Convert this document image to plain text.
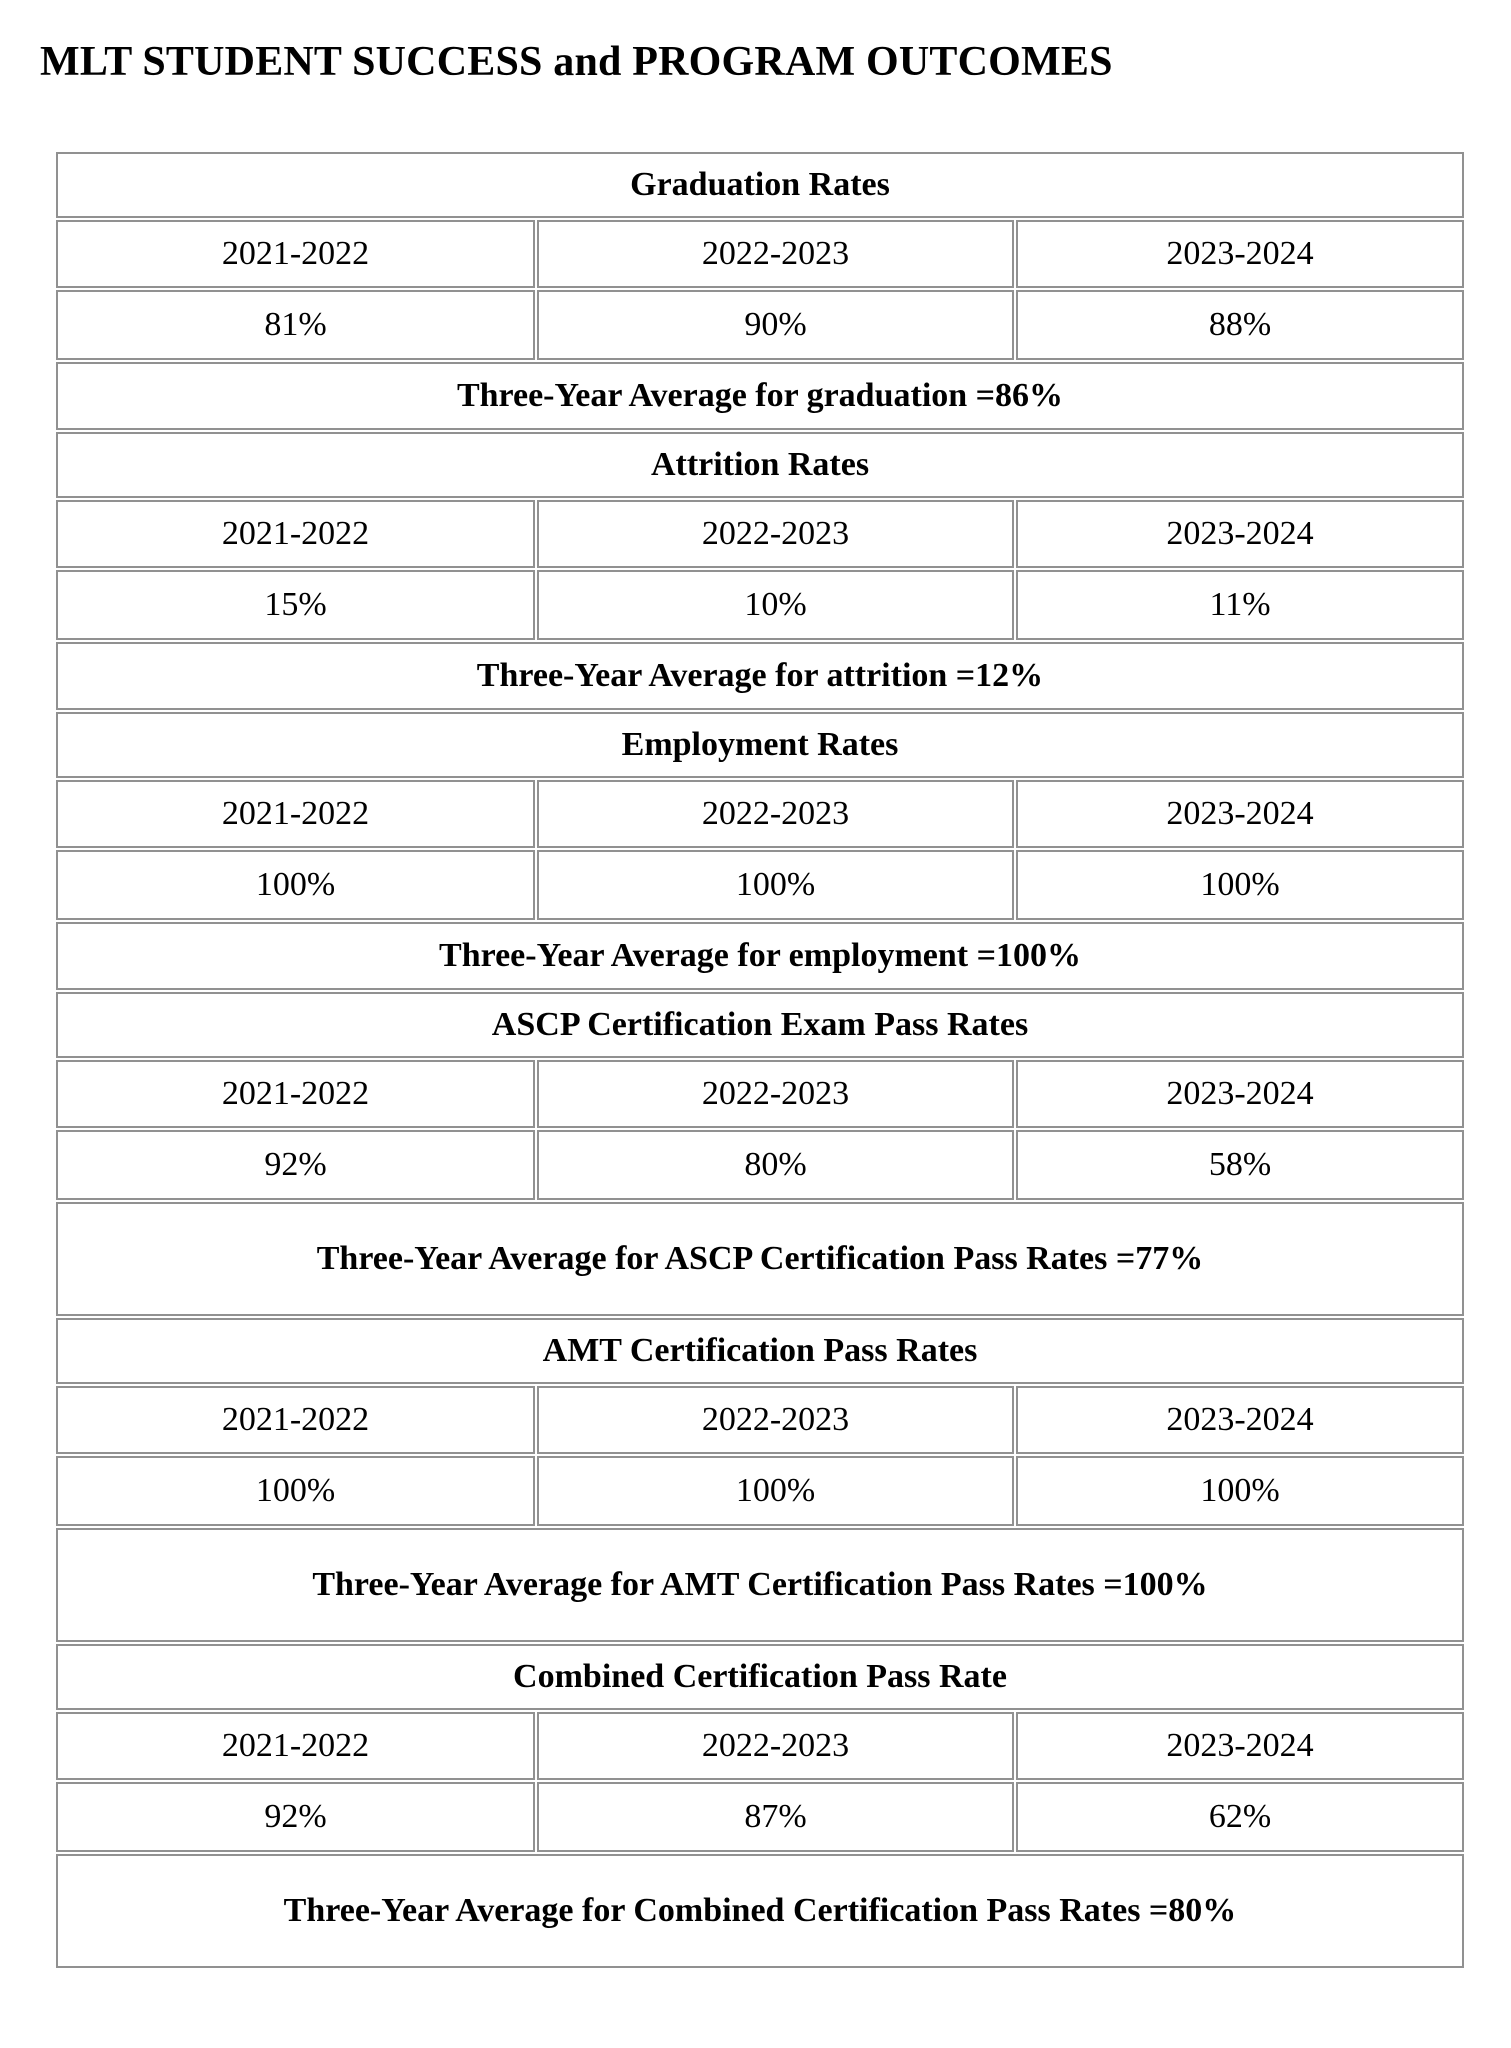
MLT STUDENT SUCCESS and PROGRAM OUTCOMES
Graduation Rates		
2021-2022	2022-2023	2023-2024
81%	90%	88%
Three-Year Average for graduation =86%		
Attrition Rates		
2021-2022	2022-2023	2023-2024
15%	10%	11%
Three-Year Average for attrition =12%		
Employment Rates		
2021-2022	2022-2023	2023-2024
100%	100%	100%
Three-Year Average for employment =100%		
ASCP Certification Exam Pass Rates		
2021-2022	2022-2023	2023-2024
92%	80%	58%
Three-Year Average for ASCP Certification Pass Rates =77%		
AMT Certification Pass Rates		
2021-2022	2022-2023	2023-2024
100%	100%	100%
Three-Year Average for AMT Certification Pass Rates =100%		
Combined Certification Pass Rate		
2021-2022	2022-2023	2023-2024
92%	87%	62%
Three-Year Average for Combined Certification Pass Rates =80%		
